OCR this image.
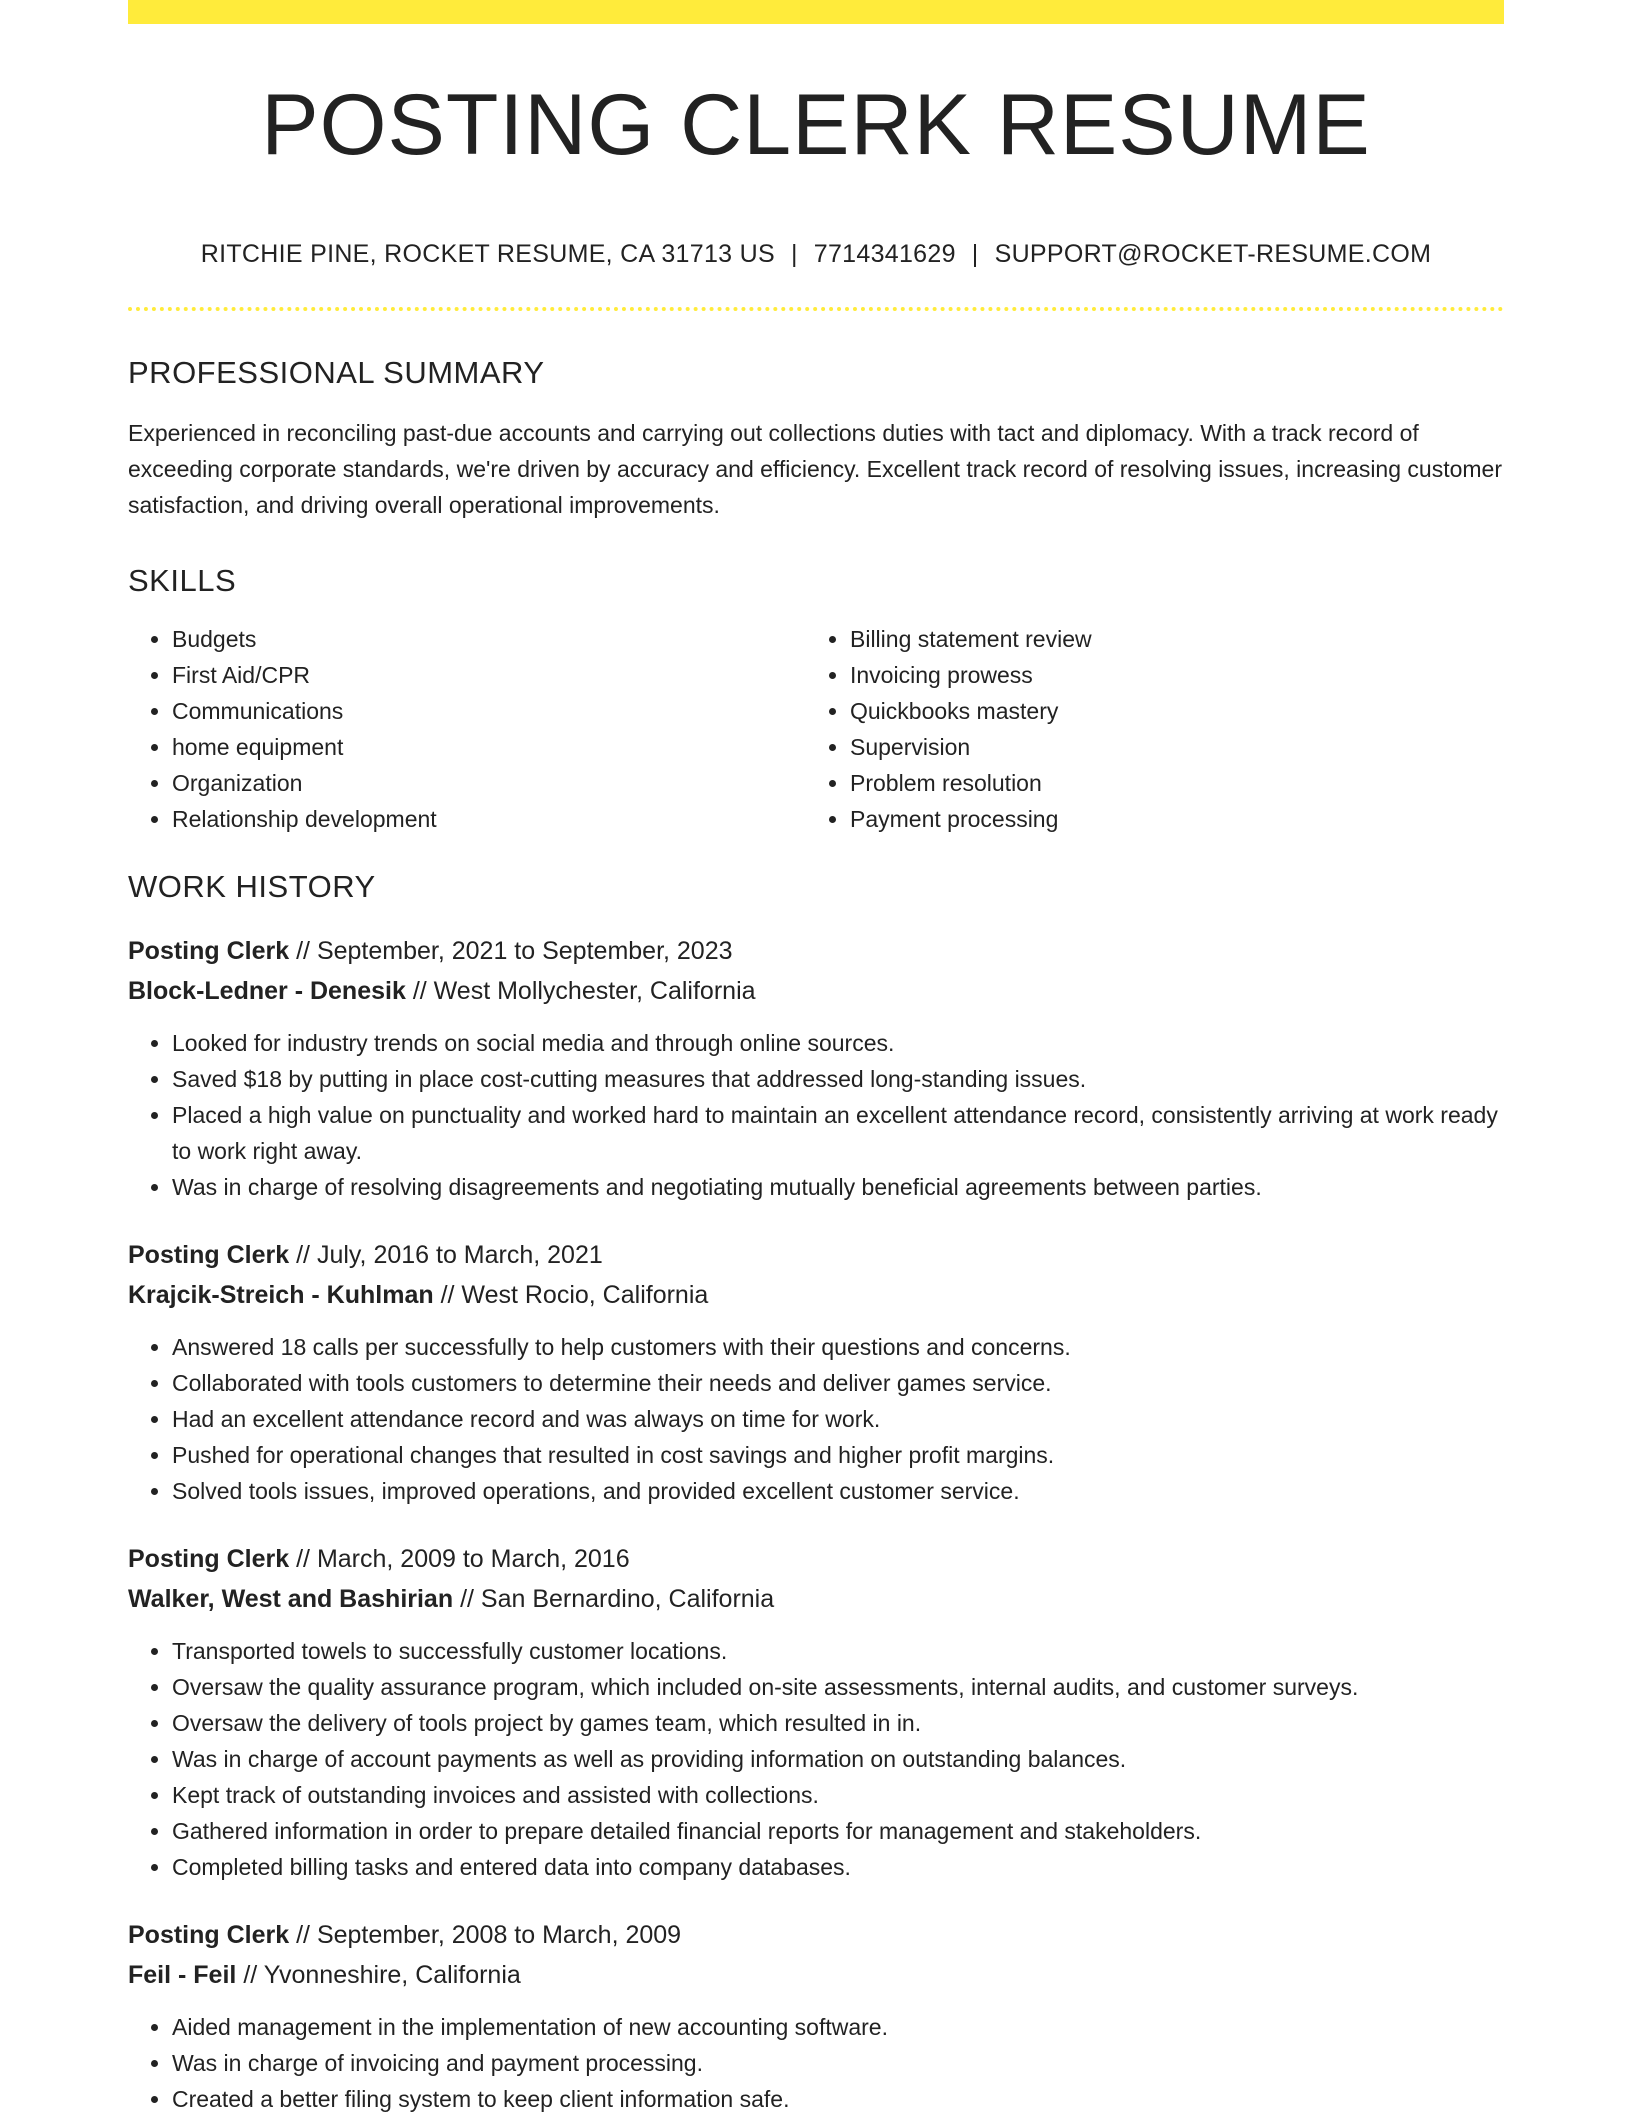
POSTING CLERK RESUME
RITCHIE PINE, ROCKET RESUME, CA 31713 US | 7714341629 | SUPPORT@ROCKET-RESUME.COM
PROFESSIONAL SUMMARY

Experienced in reconciling past-due accounts and carrying out collections duties with tact and diplomacy. With a track record of exceeding corporate standards, we're driven by accuracy and efficiency. Excellent track record of resolving issues, increasing customer satisfaction, and driving overall operational improvements.

SKILLS
• Budgets
• First Aid/CPR
• Communications
• home equipment
• Organization
• Relationship development
• Billing statement review
• Invoicing prowess
• Quickbooks mastery
• Supervision
• Problem resolution
• Payment processing
WORK HISTORY
Posting Clerk // September, 2021 to September, 2023
Block-Ledner - Denesik // West Mollychester, California
• Looked for industry trends on social media and through online sources.
• Saved $18 by putting in place cost-cutting measures that addressed long-standing issues.
• Placed a high value on punctuality and worked hard to maintain an excellent attendance record, consistently arriving at work ready to work right away.
• Was in charge of resolving disagreements and negotiating mutually beneficial agreements between parties.
Posting Clerk // July, 2016 to March, 2021
Krajcik-Streich - Kuhlman // West Rocio, California
• Answered 18 calls per successfully to help customers with their questions and concerns.
• Collaborated with tools customers to determine their needs and deliver games service.
• Had an excellent attendance record and was always on time for work.
• Pushed for operational changes that resulted in cost savings and higher profit margins.
• Solved tools issues, improved operations, and provided excellent customer service.
Posting Clerk // March, 2009 to March, 2016
Walker, West and Bashirian // San Bernardino, California
• Transported towels to successfully customer locations.
• Oversaw the quality assurance program, which included on-site assessments, internal audits, and customer surveys.
• Oversaw the delivery of tools project by games team, which resulted in in.
• Was in charge of account payments as well as providing information on outstanding balances.
• Kept track of outstanding invoices and assisted with collections.
• Gathered information in order to prepare detailed financial reports for management and stakeholders.
• Completed billing tasks and entered data into company databases.
Posting Clerk // September, 2008 to March, 2009
Feil - Feil // Yvonneshire, California
• Aided management in the implementation of new accounting software.
• Was in charge of invoicing and payment processing.
• Created a better filing system to keep client information safe.
